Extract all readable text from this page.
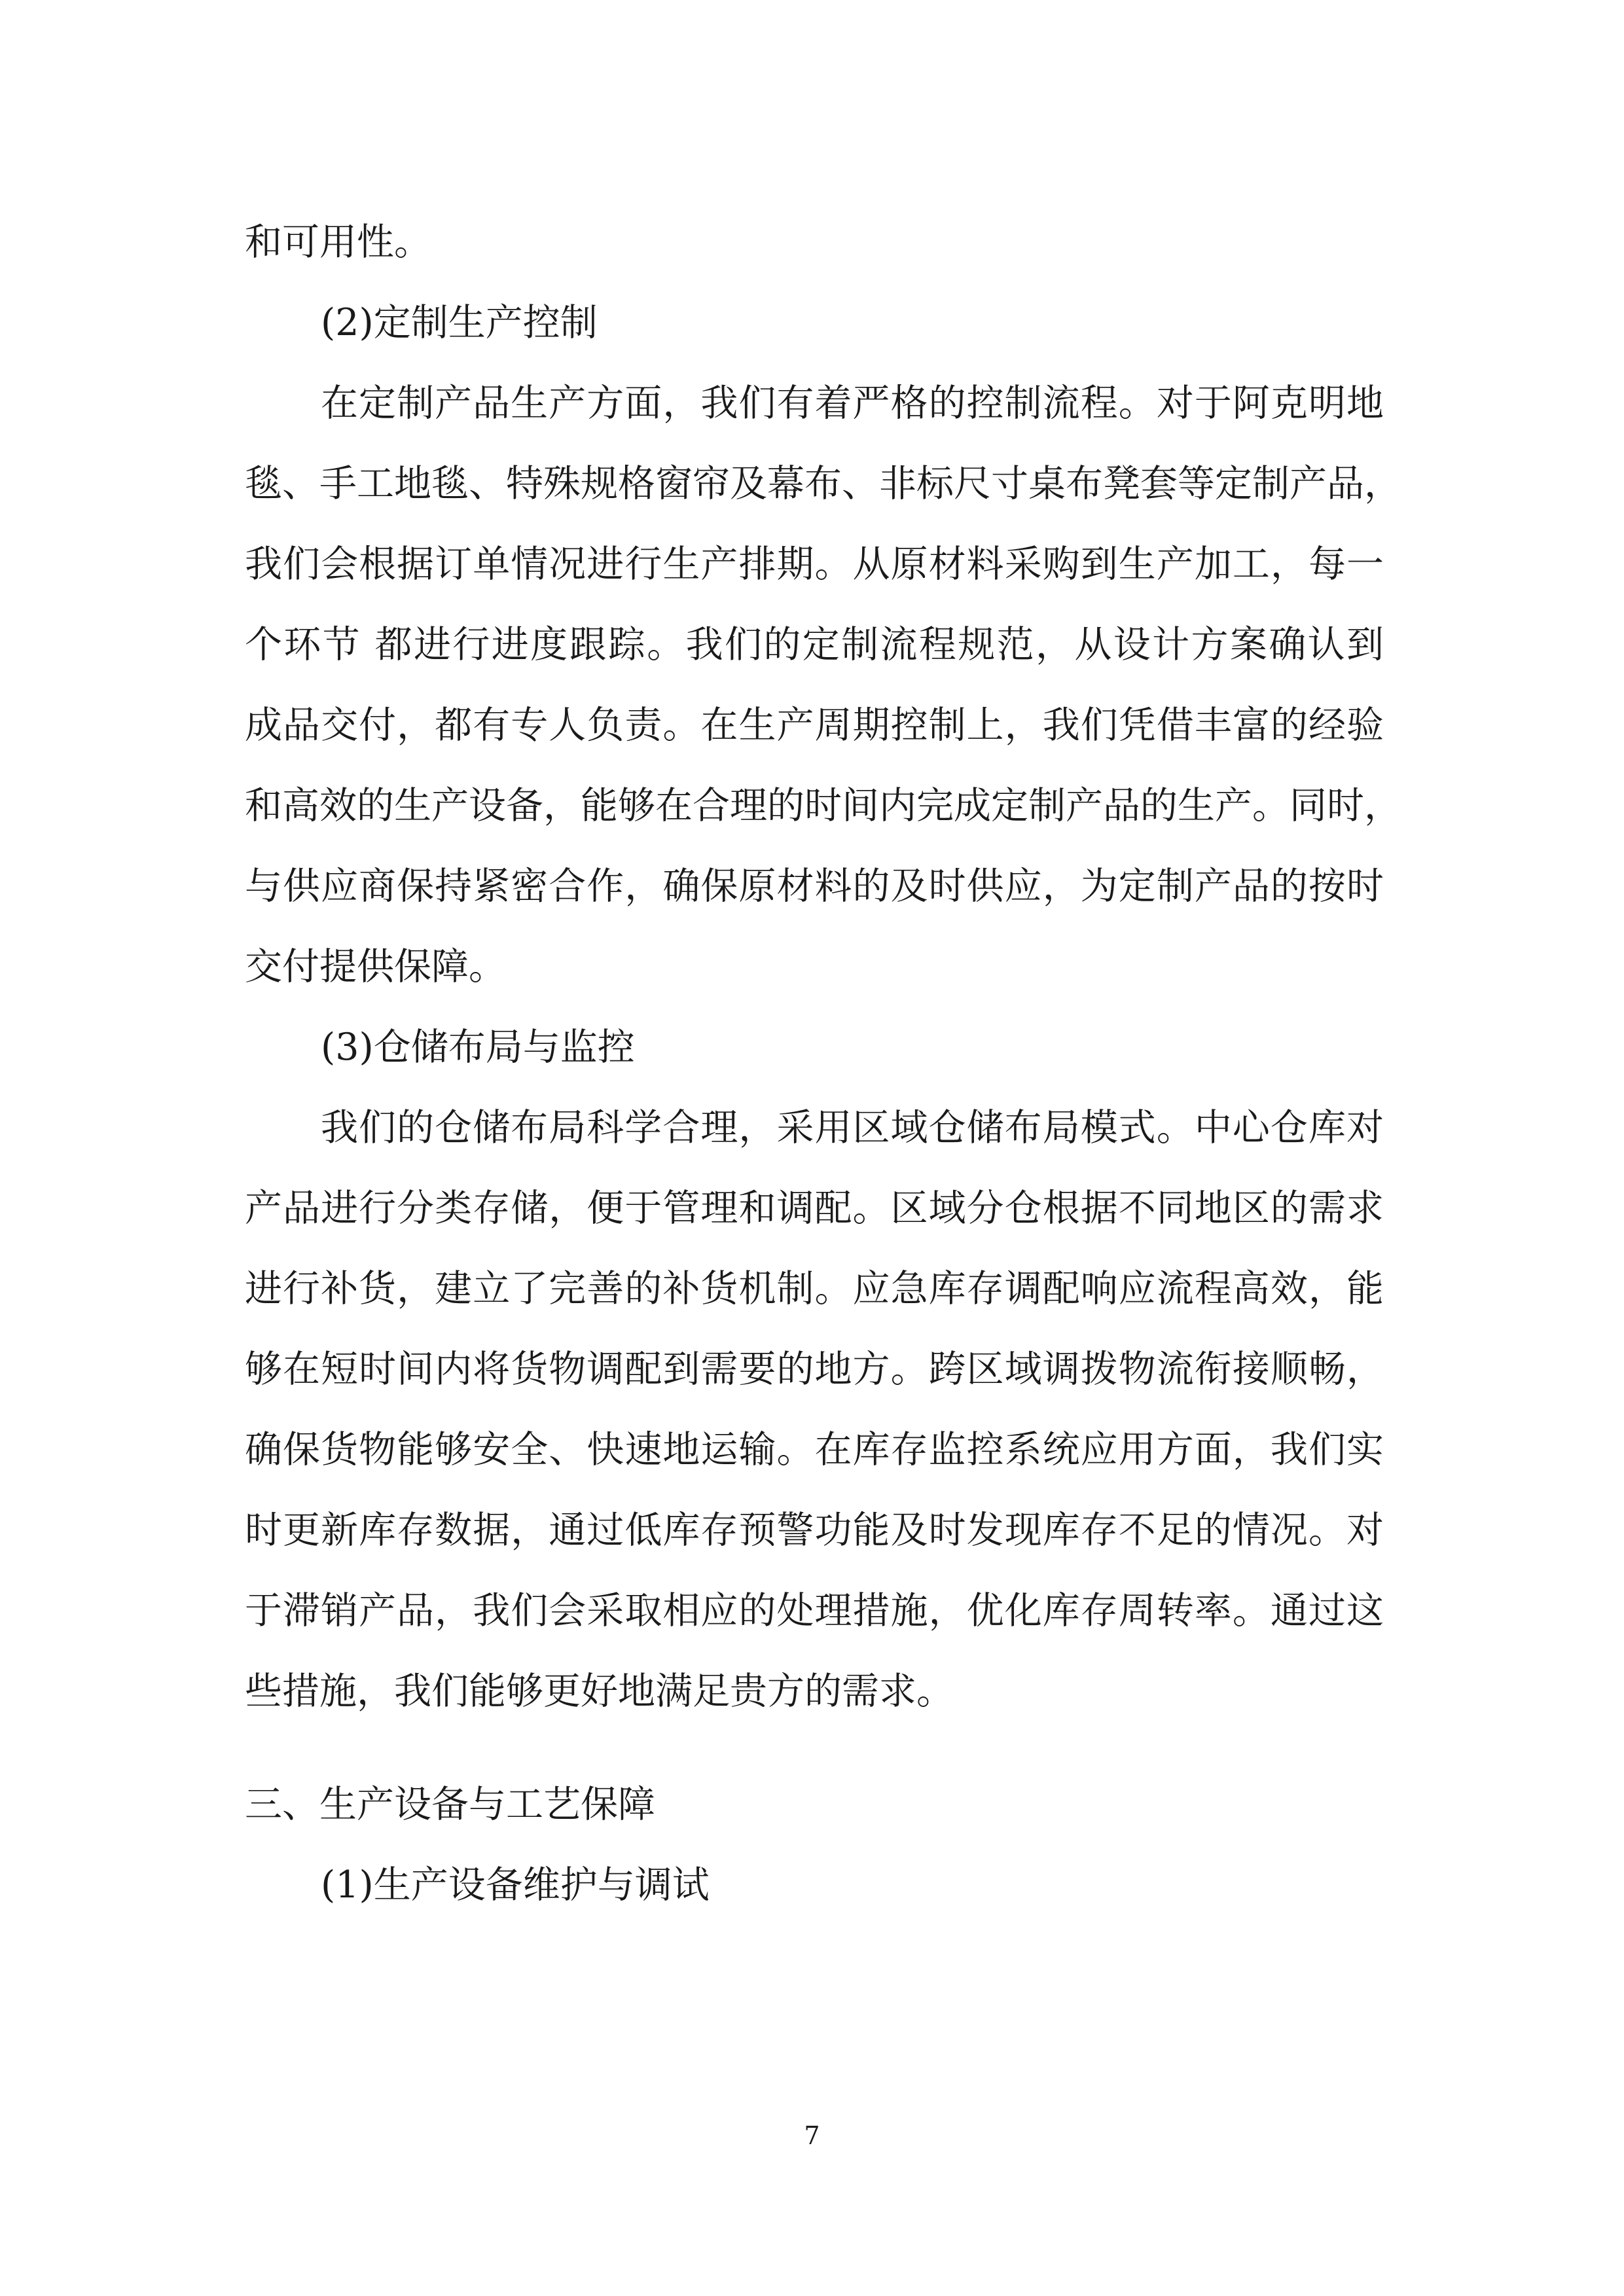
和可用性。
(2)定制生产控制
在定制产品生产方面，我们有着严格的控制流程。对于阿克明地
毯、手工地毯、特殊规格窗帘及幕布、非标尺寸桌布凳套等定制产品，
我们会根据订单情况进行生产排期。从原材料采购到生产加工，每一
个环节 都进行进度跟踪。我们的定制流程规范，从设计方案确认到
成品交付，都有专人负责。在生产周期控制上，我们凭借丰富的经验
和高效的生产设备，能够在合理的时间内完成定制产品的生产。同时，
与供应商保持紧密合作，确保原材料的及时供应，为定制产品的按时
交付提供保障。
(3)仓储布局与监控
我们的仓储布局科学合理，采用区域仓储布局模式。中心仓库对
产品进行分类存储，便于管理和调配。区域分仓根据不同地区的需求
进行补货，建立了完善的补货机制。应急库存调配响应流程高效，能
够在短时间内将货物调配到需要的地方。跨区域调拨物流衔接顺畅，
确保货物能够安全、快速地运输。在库存监控系统应用方面，我们实
时更新库存数据，通过低库存预警功能及时发现库存不足的情况。对
于滞销产品，我们会采取相应的处理措施，优化库存周转率。通过这
些措施，我们能够更好地满足贵方的需求。
三、生产设备与工艺保障
(1)生产设备维护与调试
7
